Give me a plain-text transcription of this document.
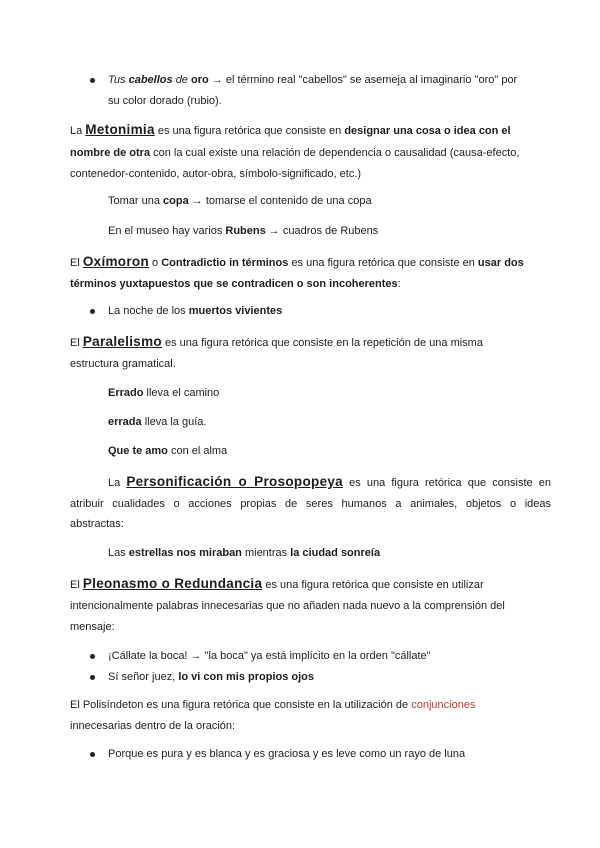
Tus cabellos de oro → el término real "cabellos" se asemeja al imaginario "oro" por
su color dorado (rubio).
La Metonimia es una figura retórica que consiste en designar una cosa o idea con el
nombre de otra con la cual existe una relación de dependencia o causalidad (causa-efecto,
contenedor-contenido, autor-obra, símbolo-significado, etc.)
Tomar una copa → tomarse el contenido de una copa
En el museo hay varios Rubens → cuadros de Rubens
El Oxímoron o Contradictio in términos es una figura retórica que consiste en usar dos
términos yuxtapuestos que se contradicen o son incoherentes:
La noche de los muertos vivientes
El Paralelismo es una figura retórica que consiste en la repetición de una misma
estructura gramatical.
Errado lleva el camino
errada lleva la guía.
Que te amo con el alma
La Personificación o Prosopopeya es una figura retórica que consiste en
atribuir cualidades o acciones propias de seres humanos a animales, objetos o ideas
abstractas:
Las estrellas nos miraban mientras la ciudad sonreía
El Pleonasmo o Redundancia es una figura retórica que consiste en utilizar
intencionalmente palabras innecesarias que no añaden nada nuevo a la comprensión del
mensaje:
¡Cállate la boca! → "la boca" ya está implícito en la orden "cállate"
Sí señor juez, lo vi con mis propios ojos
El Polisíndeton es una figura retórica que consiste en la utilización de conjunciones
innecesarias dentro de la oración:
Porque es pura y es blanca y es graciosa y es leve como un rayo de luna
